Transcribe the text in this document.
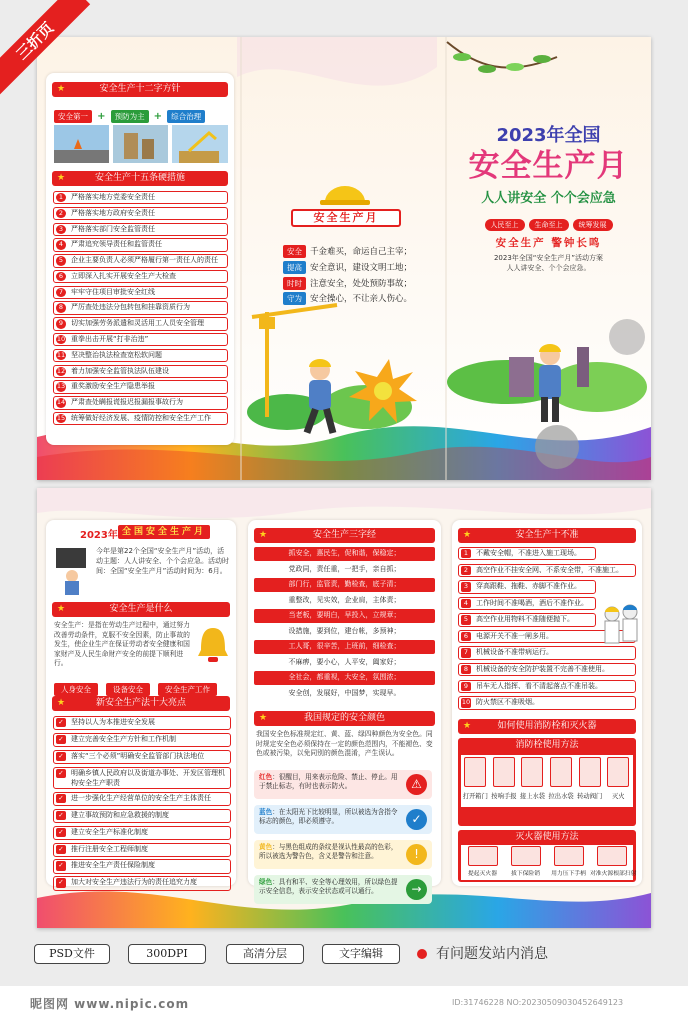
★ 安全生产十二字方针
安全第一 + 预防为主 + 综合治理
★ 安全生产十五条硬措施
1	严格落实地方党委安全责任
2	严格落实地方政府安全责任
3	严格落实部门安全监管责任
4	严肃追究领导责任和监管责任
5	企业主要负责人必须严格履行第一责任人的责任
6	立即深入扎实开展安全生产大检查
7	牢牢守住项目审批安全红线
8	严厉查处违法分包转包和挂靠资质行为
9	切实加强劳务派遣和灵活用工人员安全管理
10 重拳出击开展“打非治违”
11 坚决整治执法检查宽松软问题
12 着力加强安全监管执法队伍建设
13 重奖激励安全生产隐患举报
14 严肃查处瞒报谎报迟报漏报事故行为
15 统筹做好经济发展、疫情防控和安全生产工作
安全生产月
安全 千金难买，命运自己主宰；
提高 安全意识，建设文明工地；
时时 注意安全，处处预防事故；
守为 安全操心，不让亲人伤心。
2023年全国
安全生产月
人人讲安全 个个会应急
人民至上 生命至上 统筹发展
安全生产 警钟长鸣
2023年全国“安全生产月”活动方案
人人讲安全、个个会应急。
三折页
2023年 全国安全生产月
今年是第22个全国“安全生产月”活动，活动主题：人人讲安全、个个会应急。活动时间：全国“安全生产月”活动时间为：6月。
★ 安全生产是什么
安全生产：是指在劳动生产过程中，通过努力改善劳动条件，克服不安全因素，防止事故的发生，使企业生产在保证劳动者安全健康和国家财产及人民生命财产安全的前提下顺利进行。
人身安全	设备安全	安全生产工作
★ 新安全生产法十大亮点
✓	坚持以人为本推进安全发展
✓	建立完善安全生产方针和工作机制
✓	落实“三个必须”明确安全监管部门执法地位
✓	明确乡镇人民政府以及街道办事处、开发区管理机构安全生产职责
✓	进一步强化生产经营单位的安全生产主体责任
✓	建立事故预防和应急救援的制度
✓	建立安全生产标准化制度
✓	推行注册安全工程师制度
✓	推进安全生产责任保险制度
✓	加大对安全生产违法行为的责任追究力度
★ 安全生产三字经
抓安全，惠民生，促和谐，保稳定；
党政同，责任重，一把手，亲自抓；
部门行，监管责，勤检查，底子清；
重整改，见实效，企业肩，主体责；
当老板，要明白，早投入，立规章；
设措施，要到位，建台帐，多预神；
工人哥，很辛苦，上班前，细检查；
不麻痹，要小心，人平安，阖家好；
全社会，都重视，大安全，氛围浓；
安全创，发展好，中国梦，实现早。
★ 我国规定的安全颜色
我国安全色标准规定红、黄、蓝、绿四种颜色为安全色。同时规定安全色必须保持在一定的颜色范围内，不能褪色、变色或被污染，以免同别的颜色混淆，产生误认。
红色：很醒目，用来表示危险、禁止、停止。用于禁止标志，有时也表示防火。	⚠
蓝色：在太阳光下比较明显，所以被选为含指令标志的颜色，即必须遵守。	✓
黄色：与黑色组成的条纹是视认性最高的色彩，所以被选为警告色，含义是警告和注意。	!
绿色：具有和平、安全等心理效用，所以绿色提示安全信息，表示安全状态或可以通行。	→
★ 安全生产十不准
1	不戴安全帽，不准进入施工现场。
2	高空作业不挂安全网、不系安全带，不准施工。
3	穿高跟鞋、拖鞋、赤脚不准作业。
4	工作时间不准喝酒，酒后不准作业。
5	高空作业用物料不准随便抛下。
6	电源开关不准一闸多用。
7	机械设备不准带病运行。
8	机械设备的安全防护装置不完善不准使用。
9	吊车无人指挥、看不清起落点不准吊装。
10 防火禁区不准吸烟。
★ 如何使用消防栓和灭火器
消防栓使用方法
打开箱门 按响手报 接上水袋 拉出水袋 转动阀门	灭火
灭火器使用方法
提起灭火器	拔下保险销	用力压下手柄 对准火源根部扫射
PSD文件	300DPI	高清分层	文字编辑	有问题发站内消息
昵图网 www.nipic.com	ID:31746228 NO:20230509030452649123
